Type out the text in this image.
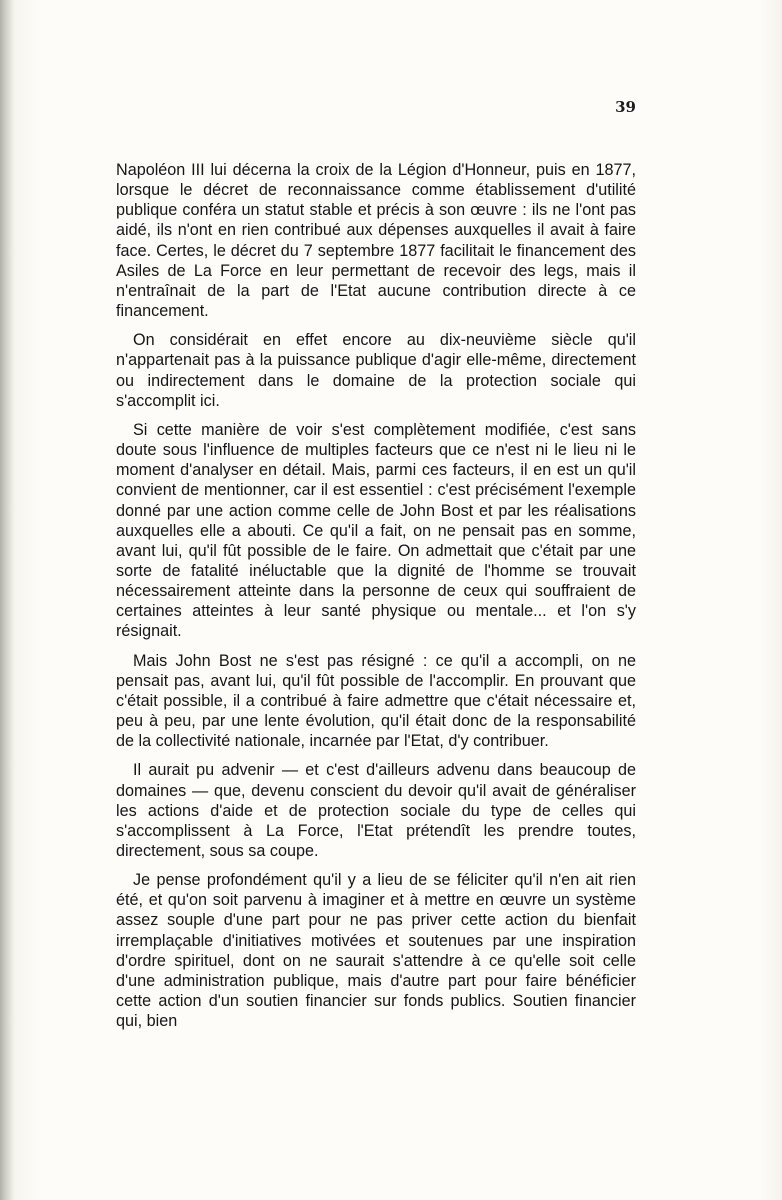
39

Napoléon III lui décerna la croix de la Légion d'Honneur, puis en 1877, lorsque le décret de reconnaissance comme établissement d'utilité publique conféra un statut stable et précis à son œuvre : ils ne l'ont pas aidé, ils n'ont en rien contribué aux dépenses auxquelles il avait à faire face. Certes, le décret du 7 septembre 1877 facilitait le financement des Asiles de La Force en leur permettant de recevoir des legs, mais il n'entraînait de la part de l'Etat aucune contribution directe à ce financement.

On considérait en effet encore au dix-neuvième siècle qu'il n'appartenait pas à la puissance publique d'agir elle-même, directement ou indirectement dans le domaine de la protection sociale qui s'accomplit ici.

Si cette manière de voir s'est complètement modifiée, c'est sans doute sous l'influence de multiples facteurs que ce n'est ni le lieu ni le moment d'analyser en détail. Mais, parmi ces facteurs, il en est un qu'il convient de mentionner, car il est essentiel : c'est précisément l'exemple donné par une action comme celle de John Bost et par les réalisations auxquelles elle a abouti. Ce qu'il a fait, on ne pensait pas en somme, avant lui, qu'il fût possible de le faire. On admettait que c'était par une sorte de fatalité inéluctable que la dignité de l'homme se trouvait nécessairement atteinte dans la personne de ceux qui souffraient de certaines atteintes à leur santé physique ou mentale... et l'on s'y résignait.

Mais John Bost ne s'est pas résigné : ce qu'il a accompli, on ne pensait pas, avant lui, qu'il fût possible de l'accomplir. En prouvant que c'était possible, il a contribué à faire admettre que c'était nécessaire et, peu à peu, par une lente évolution, qu'il était donc de la responsabilité de la collectivité nationale, incarnée par l'Etat, d'y contribuer.

Il aurait pu advenir — et c'est d'ailleurs advenu dans beaucoup de domaines — que, devenu conscient du devoir qu'il avait de généraliser les actions d'aide et de protection sociale du type de celles qui s'accomplissent à La Force, l'Etat prétendît les prendre toutes, directement, sous sa coupe.

Je pense profondément qu'il y a lieu de se féliciter qu'il n'en ait rien été, et qu'on soit parvenu à imaginer et à mettre en œuvre un système assez souple d'une part pour ne pas priver cette action du bienfait irremplaçable d'initiatives motivées et soutenues par une inspiration d'ordre spirituel, dont on ne saurait s'attendre à ce qu'elle soit celle d'une administration publique, mais d'autre part pour faire bénéficier cette action d'un soutien financier sur fonds publics. Soutien financier qui, bien
